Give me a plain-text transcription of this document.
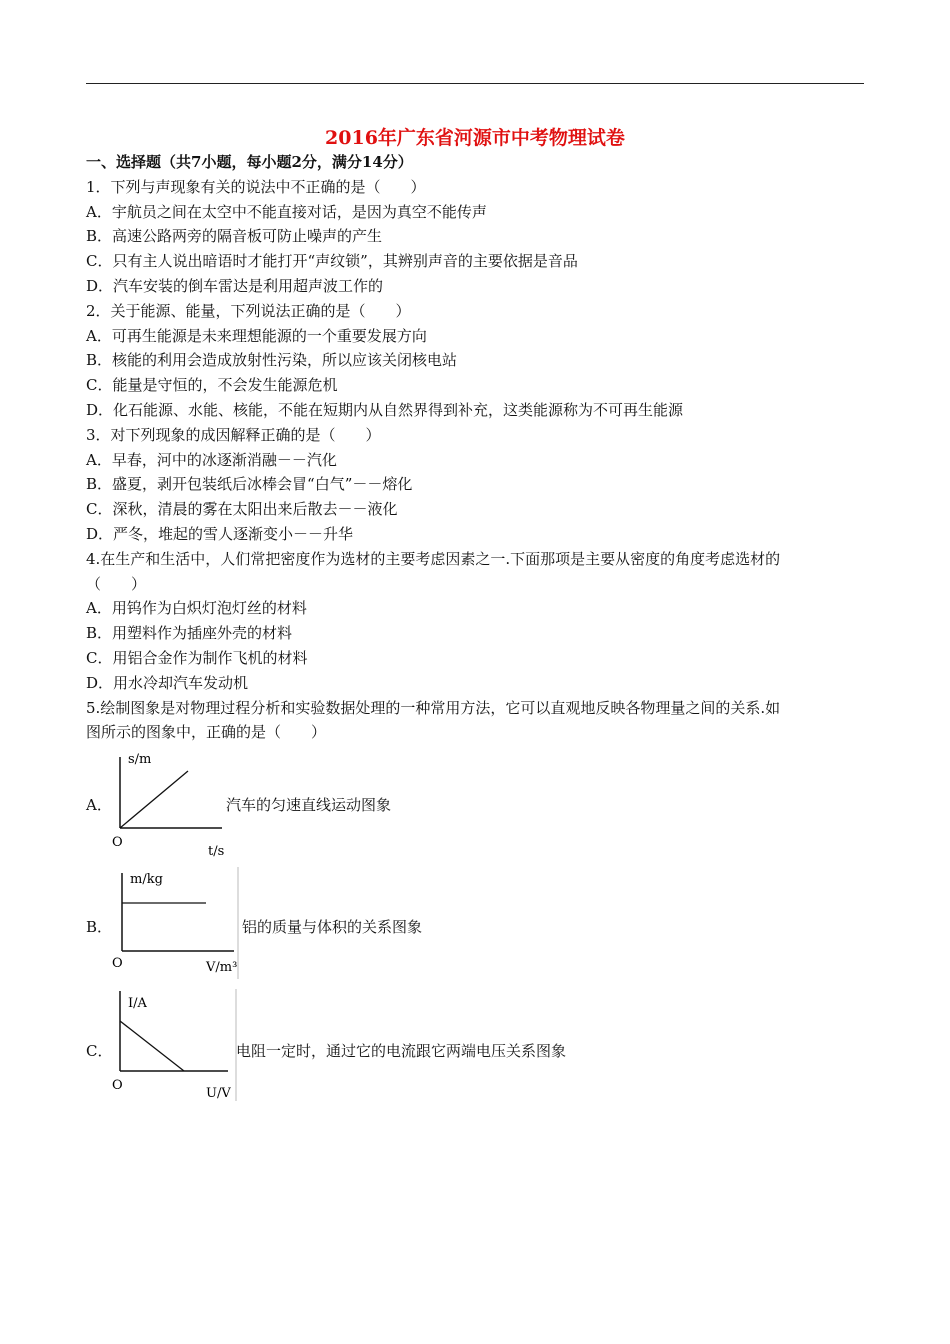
2016年广东省河源市中考物理试卷
一、选择题（共7小题，每小题2分，满分14分）
1．下列与声现象有关的说法中不正确的是（　　）
A．宇航员之间在太空中不能直接对话，是因为真空不能传声
B．高速公路两旁的隔音板可防止噪声的产生
C．只有主人说出暗语时才能打开“声纹锁”，其辨别声音的主要依据是音品
D．汽车安装的倒车雷达是利用超声波工作的
2．关于能源、能量，下列说法正确的是（　　）
A．可再生能源是未来理想能源的一个重要发展方向
B．核能的利用会造成放射性污染，所以应该关闭核电站
C．能量是守恒的，不会发生能源危机
D．化石能源、水能、核能，不能在短期内从自然界得到补充，这类能源称为不可再生能源
3．对下列现象的成因解释正确的是（　　）
A．早春，河中的冰逐渐消融－－汽化
B．盛夏，剥开包装纸后冰棒会冒“白气”－－熔化
C．深秋，清晨的雾在太阳出来后散去－－液化
D．严冬，堆起的雪人逐渐变小－－升华
4.在生产和生活中，人们常把密度作为选材的主要考虑因素之一.下面那项是主要从密度的角度考虑选材的
（　　）
A．用钨作为白炽灯泡灯丝的材料
B．用塑料作为插座外壳的材料
C．用铝合金作为制作飞机的材料
D．用水冷却汽车发动机
5.绘制图象是对物理过程分析和实验数据处理的一种常用方法，它可以直观地反映各物理量之间的关系.如
图所示的图象中，正确的是（　　）
A．
s/m
O
t/s
汽车的匀速直线运动图象
B．
m/kg
O	V/m³
铝的质量与体积的关系图象
C．
I/A
O
U/V
电阻一定时，通过它的电流跟它两端电压关系图象
